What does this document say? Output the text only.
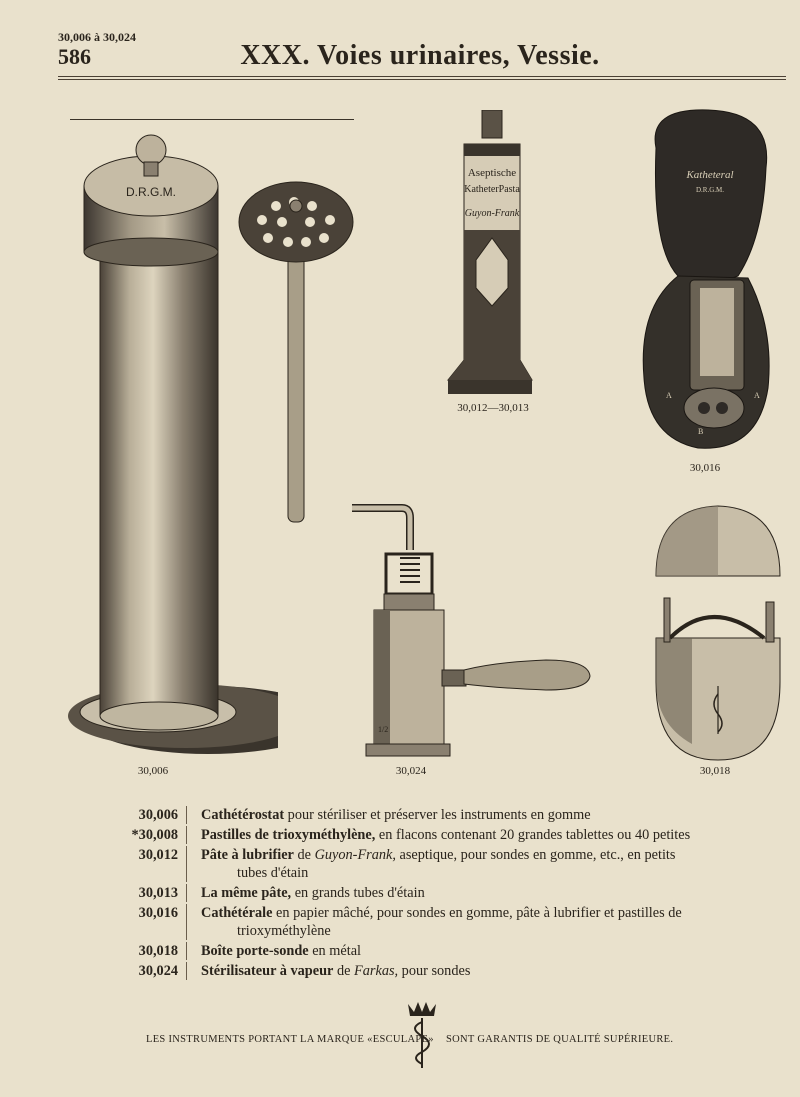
30,006 à 30,024
586	XXX. Voies urinaires, Vessie.
D.R.G.M.
30,006
Aseptische
KatheterPasta
Guyon-Frank
30,012—30,013
Katheteral
D.R.G.M.
A	A
B
30,016
1/2
30,024	30,018
30,006	Cathétérostat pour stériliser et préserver les instruments en gomme
*30,008	Pastilles de trioxyméthylène, en flacons contenant 20 grandes tablettes ou 40 petites
30,012	Pâte à lubrifier de Guyon-Frank, aseptique, pour sondes en gomme, etc., en petits
tubes d'étain
30,013	La même pâte, en grands tubes d'étain
30,016	Cathétérale en papier mâché, pour sondes en gomme, pâte à lubrifier et pastilles de
trioxyméthylène
30,018	Boîte porte-sonde en métal
30,024	Stérilisateur à vapeur de Farkas, pour sondes
LES INSTRUMENTS PORTANT LA MARQUE «ESCULAPE» SONT GARANTIS DE QUALITÉ SUPÉRIEURE.
